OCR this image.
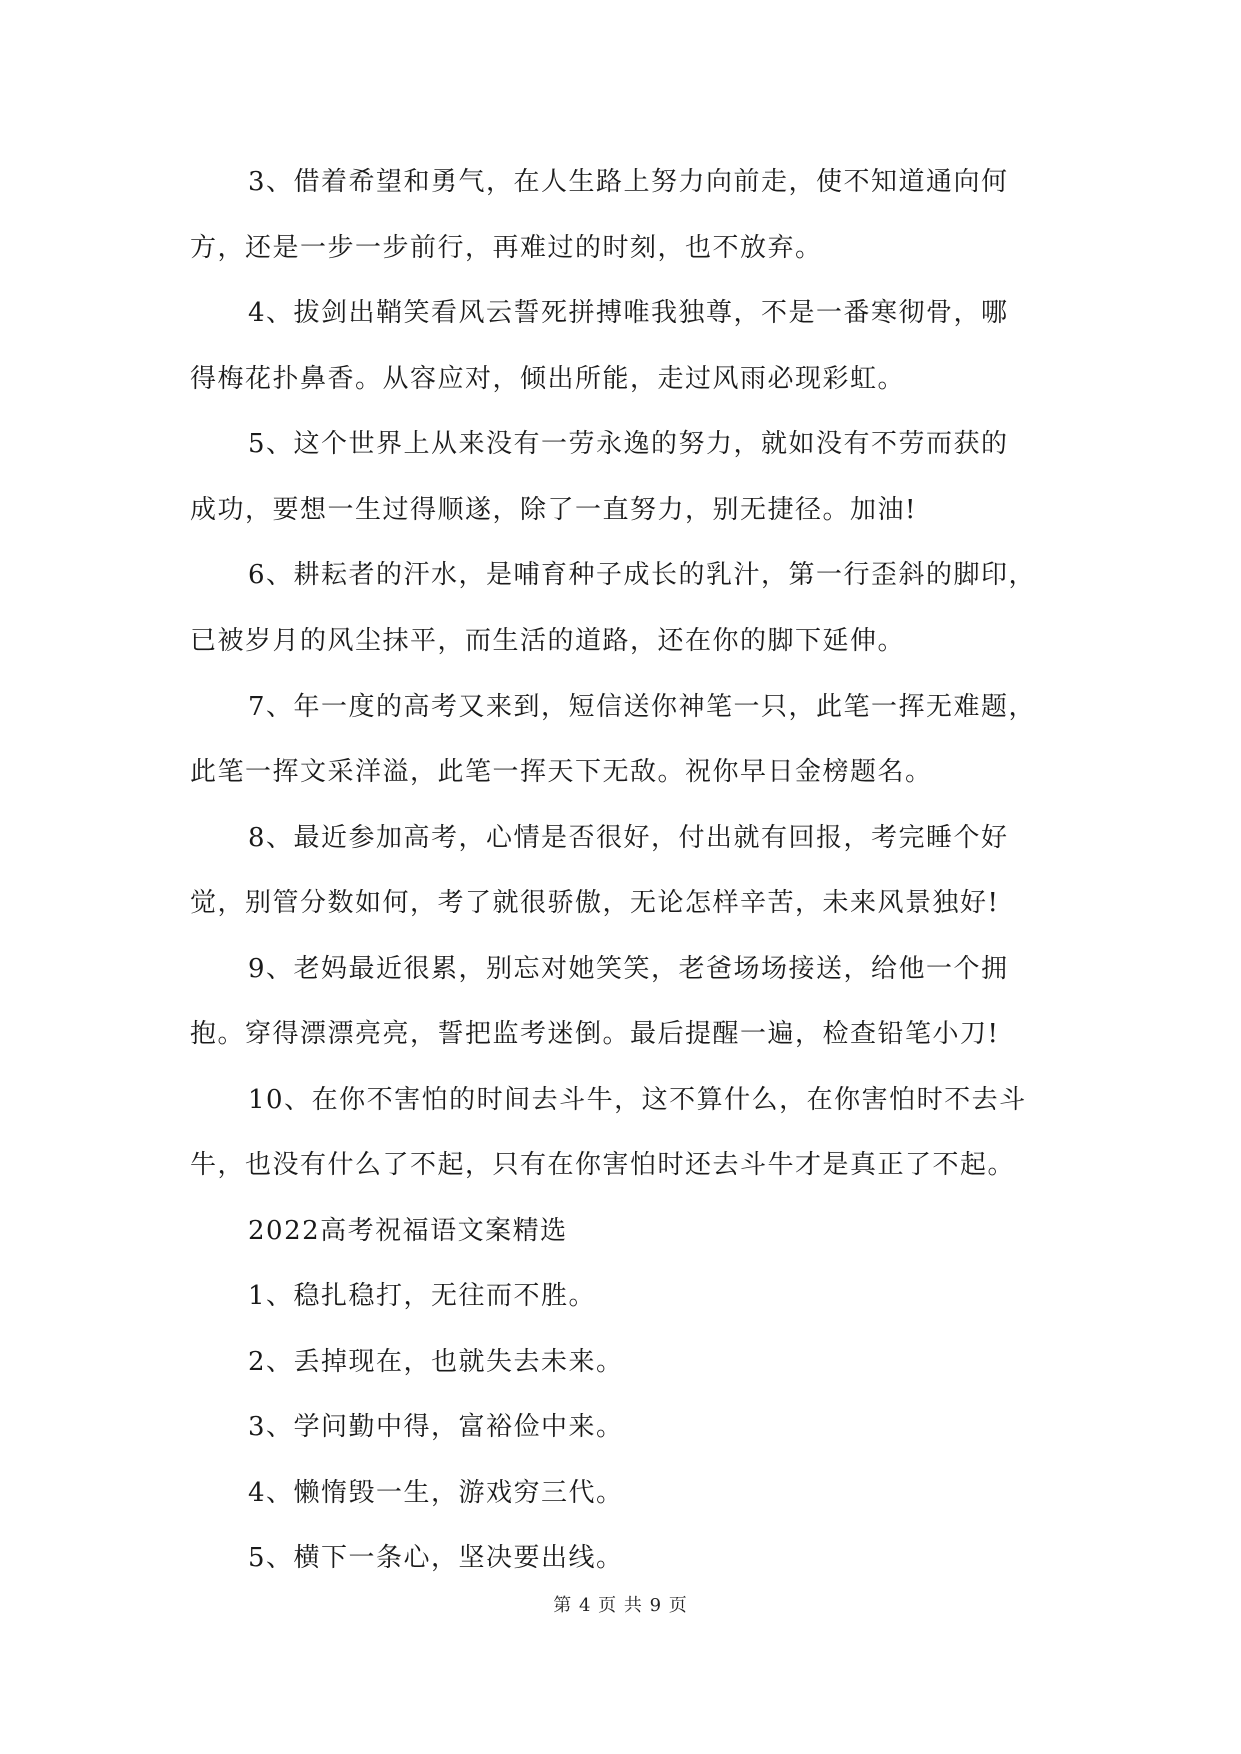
3、借着希望和勇气，在人生路上努力向前走，使不知道通向何
方，还是一步一步前行，再难过的时刻，也不放弃。
4、拔剑出鞘笑看风云誓死拼搏唯我独尊，不是一番寒彻骨，哪
得梅花扑鼻香。从容应对，倾出所能，走过风雨必现彩虹。
5、这个世界上从来没有一劳永逸的努力，就如没有不劳而获的
成功，要想一生过得顺遂，除了一直努力，别无捷径。加油!
6、耕耘者的汗水，是哺育种子成长的乳汁，第一行歪斜的脚印，
已被岁月的风尘抹平，而生活的道路，还在你的脚下延伸。
7、年一度的高考又来到，短信送你神笔一只，此笔一挥无难题，
此笔一挥文采洋溢，此笔一挥天下无敌。祝你早日金榜题名。
8、最近参加高考，心情是否很好，付出就有回报，考完睡个好
觉，别管分数如何，考了就很骄傲，无论怎样辛苦，未来风景独好!
9、老妈最近很累，别忘对她笑笑，老爸场场接送，给他一个拥
抱。穿得漂漂亮亮，誓把监考迷倒。最后提醒一遍，检查铅笔小刀!
10、在你不害怕的时间去斗牛，这不算什么，在你害怕时不去斗
牛，也没有什么了不起，只有在你害怕时还去斗牛才是真正了不起。
2022高考祝福语文案精选
1、稳扎稳打，无往而不胜。
2、丢掉现在，也就失去未来。
3、学问勤中得，富裕俭中来。
4、懒惰毁一生，游戏穷三代。
5、横下一条心，坚决要出线。
第 4 页 共 9 页
